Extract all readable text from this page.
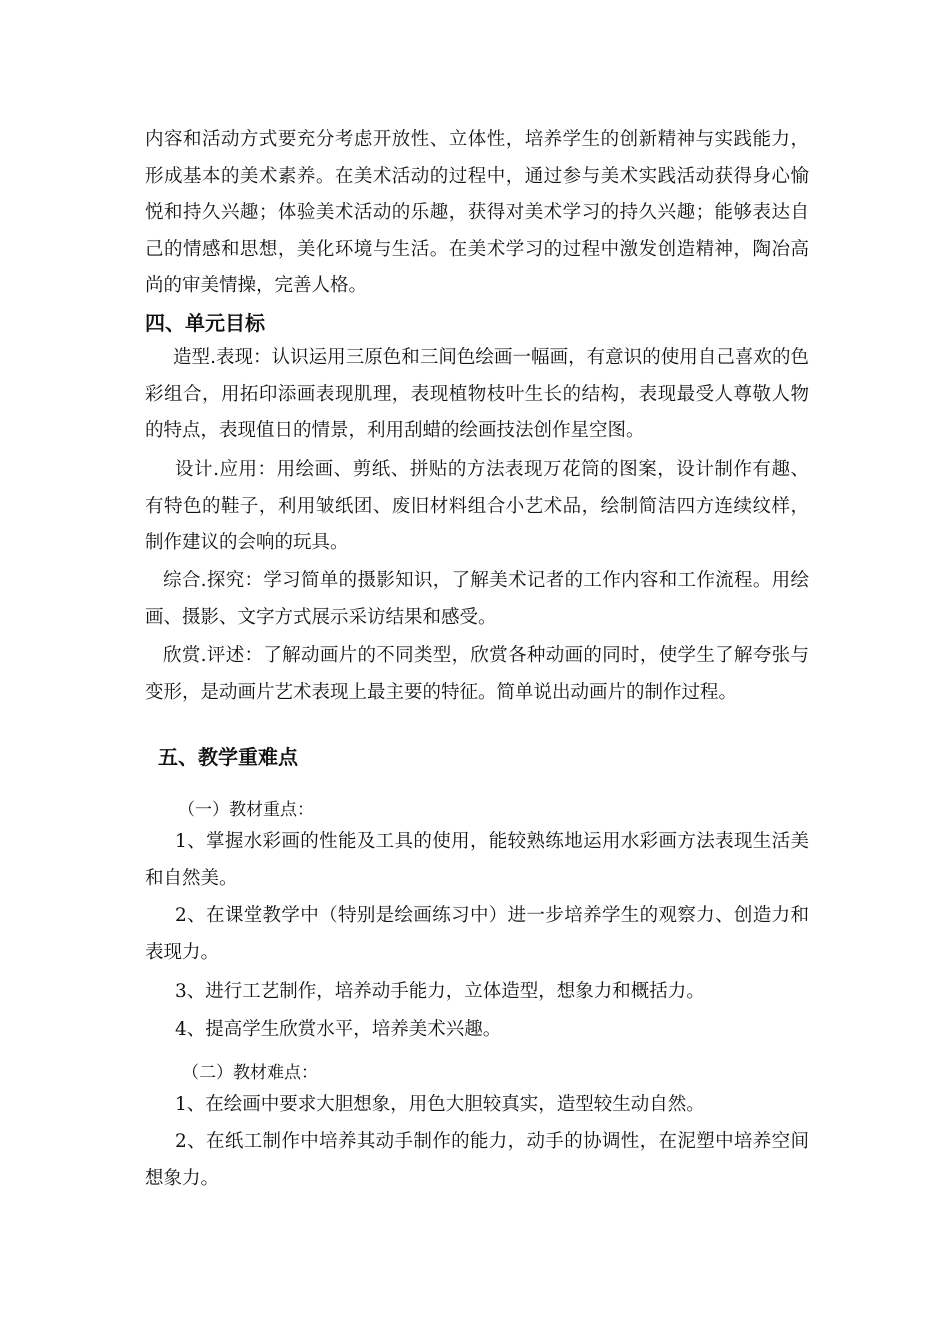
内容和活动方式要充分考虑开放性、立体性，培养学生的创新精神与实践能力，形成基本的美术素养。在美术活动的过程中，通过参与美术实践活动获得身心愉悦和持久兴趣；体验美术活动的乐趣，获得对美术学习的持久兴趣；能够表达自己的情感和思想，美化环境与生活。在美术学习的过程中激发创造精神，陶冶高尚的审美情操，完善人格。

四、单元目标

造型.表现：认识运用三原色和三间色绘画一幅画，有意识的使用自己喜欢的色彩组合，用拓印添画表现肌理，表现植物枝叶生长的结构，表现最受人尊敬人物的特点，表现值日的情景，利用刮蜡的绘画技法创作星空图。

设计.应用：用绘画、剪纸、拼贴的方法表现万花筒的图案，设计制作有趣、有特色的鞋子，利用皱纸团、废旧材料组合小艺术品，绘制简洁四方连续纹样，制作建议的会响的玩具。

综合.探究：学习简单的摄影知识，了解美术记者的工作内容和工作流程。用绘画、摄影、文字方式展示采访结果和感受。

欣赏.评述：了解动画片的不同类型，欣赏各种动画的同时，使学生了解夸张与变形，是动画片艺术表现上最主要的特征。简单说出动画片的制作过程。

五、教学重难点

（一）教材重点：

1、掌握水彩画的性能及工具的使用，能较熟练地运用水彩画方法表现生活美和自然美。

2、在课堂教学中（特别是绘画练习中）进一步培养学生的观察力、创造力和表现力。

3、进行工艺制作，培养动手能力，立体造型，想象力和概括力。

4、提高学生欣赏水平，培养美术兴趣。

（二）教材难点：

1、在绘画中要求大胆想象，用色大胆较真实，造型较生动自然。

2、在纸工制作中培养其动手制作的能力，动手的协调性，在泥塑中培养空间想象力。
